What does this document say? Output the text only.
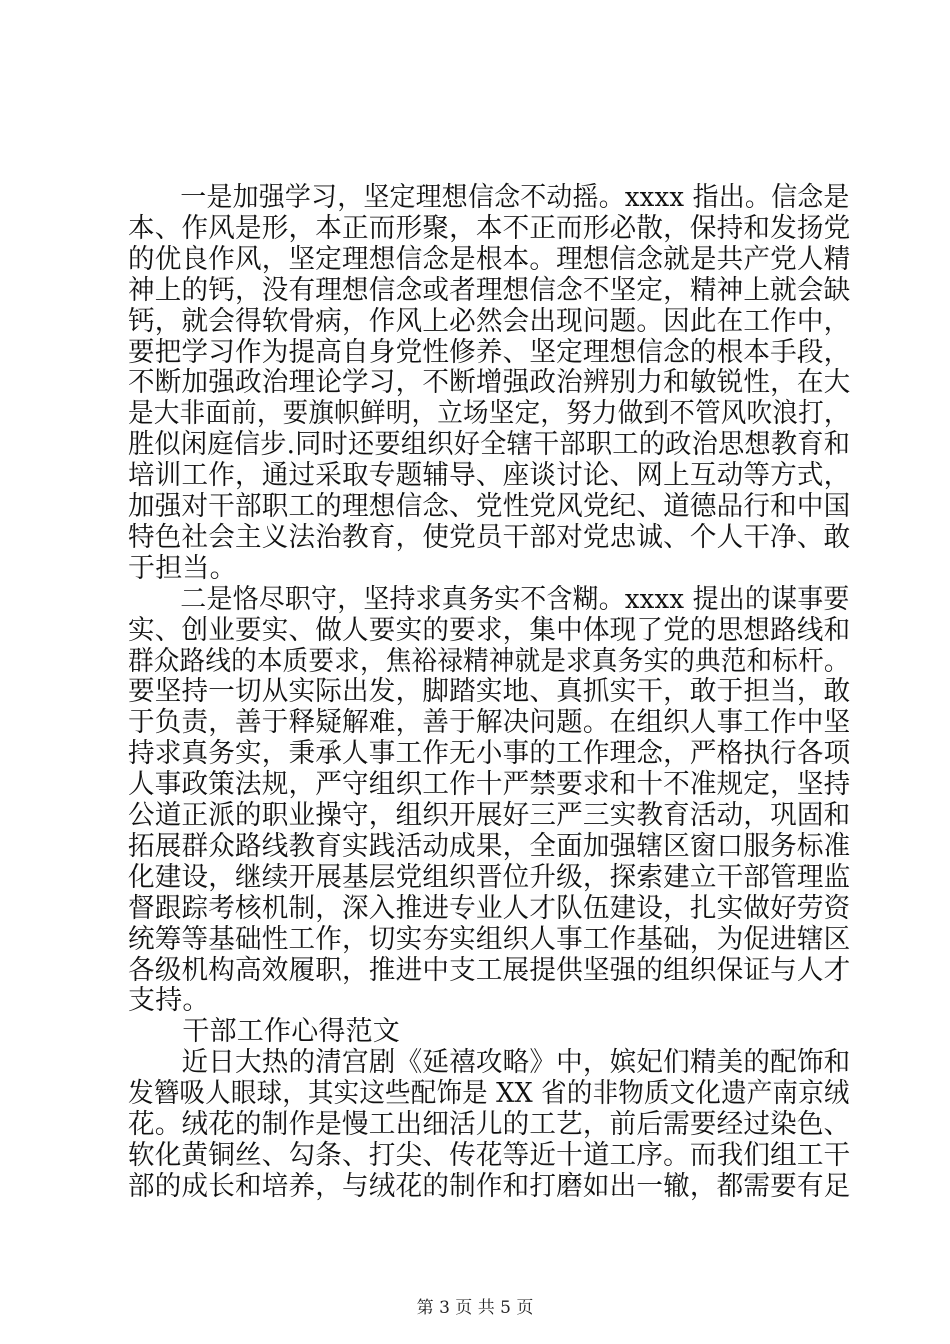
　　一是加强学习，坚定理想信念不动摇。xxxx 指出。信念是
本、作风是形，本正而形聚，本不正而形必散，保持和发扬党
的优良作风，坚定理想信念是根本。理想信念就是共产党人精
神上的钙，没有理想信念或者理想信念不坚定，精神上就会缺
钙，就会得软骨病，作风上必然会出现问题。因此在工作中，
要把学习作为提高自身党性修养、坚定理想信念的根本手段，
不断加强政治理论学习，不断增强政治辨别力和敏锐性，在大
是大非面前，要旗帜鲜明，立场坚定，努力做到不管风吹浪打，
胜似闲庭信步.同时还要组织好全辖干部职工的政治思想教育和
培训工作，通过采取专题辅导、座谈讨论、网上互动等方式，
加强对干部职工的理想信念、党性党风党纪、道德品行和中国
特色社会主义法治教育，使党员干部对党忠诚、个人干净、敢
于担当。
　　二是恪尽职守，坚持求真务实不含糊。xxxx 提出的谋事要
实、创业要实、做人要实的要求，集中体现了党的思想路线和
群众路线的本质要求，焦裕禄精神就是求真务实的典范和标杆。
要坚持一切从实际出发，脚踏实地、真抓实干，敢于担当，敢
于负责，善于释疑解难，善于解决问题。在组织人事工作中坚
持求真务实，秉承人事工作无小事的工作理念，严格执行各项
人事政策法规，严守组织工作十严禁要求和十不准规定，坚持
公道正派的职业操守，组织开展好三严三实教育活动，巩固和
拓展群众路线教育实践活动成果，全面加强辖区窗口服务标准
化建设，继续开展基层党组织晋位升级，探索建立干部管理监
督跟踪考核机制，深入推进专业人才队伍建设，扎实做好劳资
统筹等基础性工作，切实夯实组织人事工作基础，为促进辖区
各级机构高效履职，推进中支工展提供坚强的组织保证与人才
支持。
　　干部工作心得范文
　　近日大热的清宫剧《延禧攻略》中，嫔妃们精美的配饰和
发簪吸人眼球，其实这些配饰是 XX 省的非物质文化遗产南京绒
花。绒花的制作是慢工出细活儿的工艺，前后需要经过染色、
软化黄铜丝、勾条、打尖、传花等近十道工序。而我们组工干
部的成长和培养，与绒花的制作和打磨如出一辙，都需要有足
第 3 页 共 5 页
